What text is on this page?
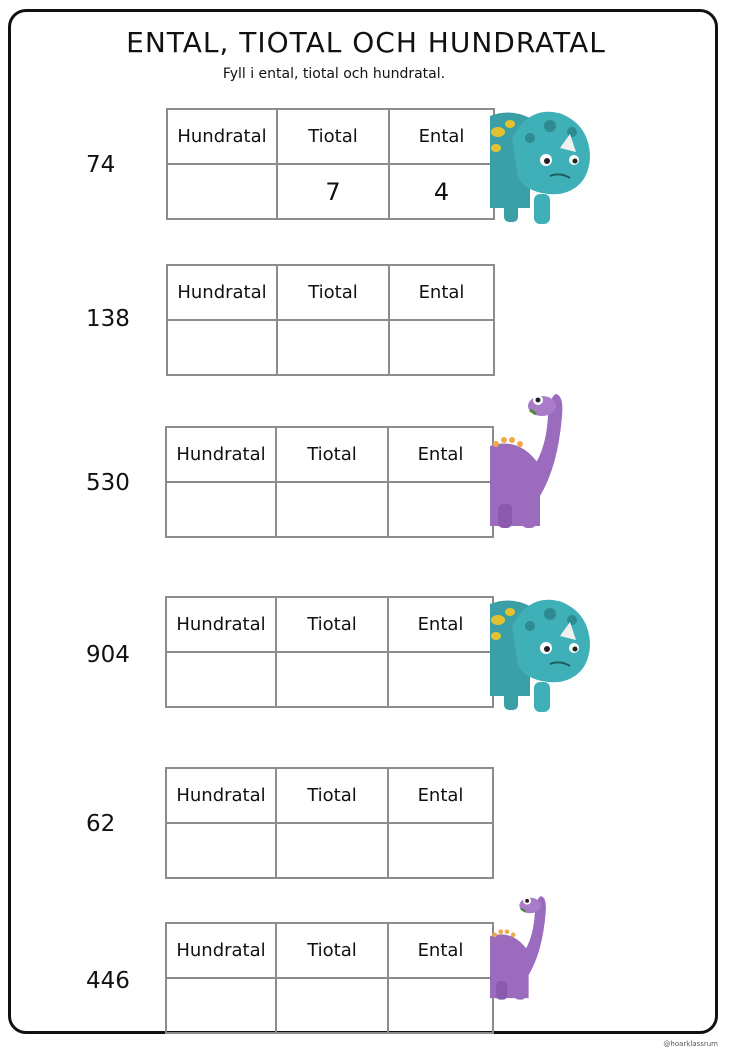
ENTAL, TIOTAL OCH HUNDRATAL
Fyll i ental, tiotal och hundratal.
74
Hundratal	Tiotal	Ental
	7	4
138
Hundratal	Tiotal	Ental

530
Hundratal	Tiotal	Ental

904
Hundratal	Tiotal	Ental

62
Hundratal	Tiotal	Ental

446
Hundratal	Tiotal	Ental

@hoarklassrum
